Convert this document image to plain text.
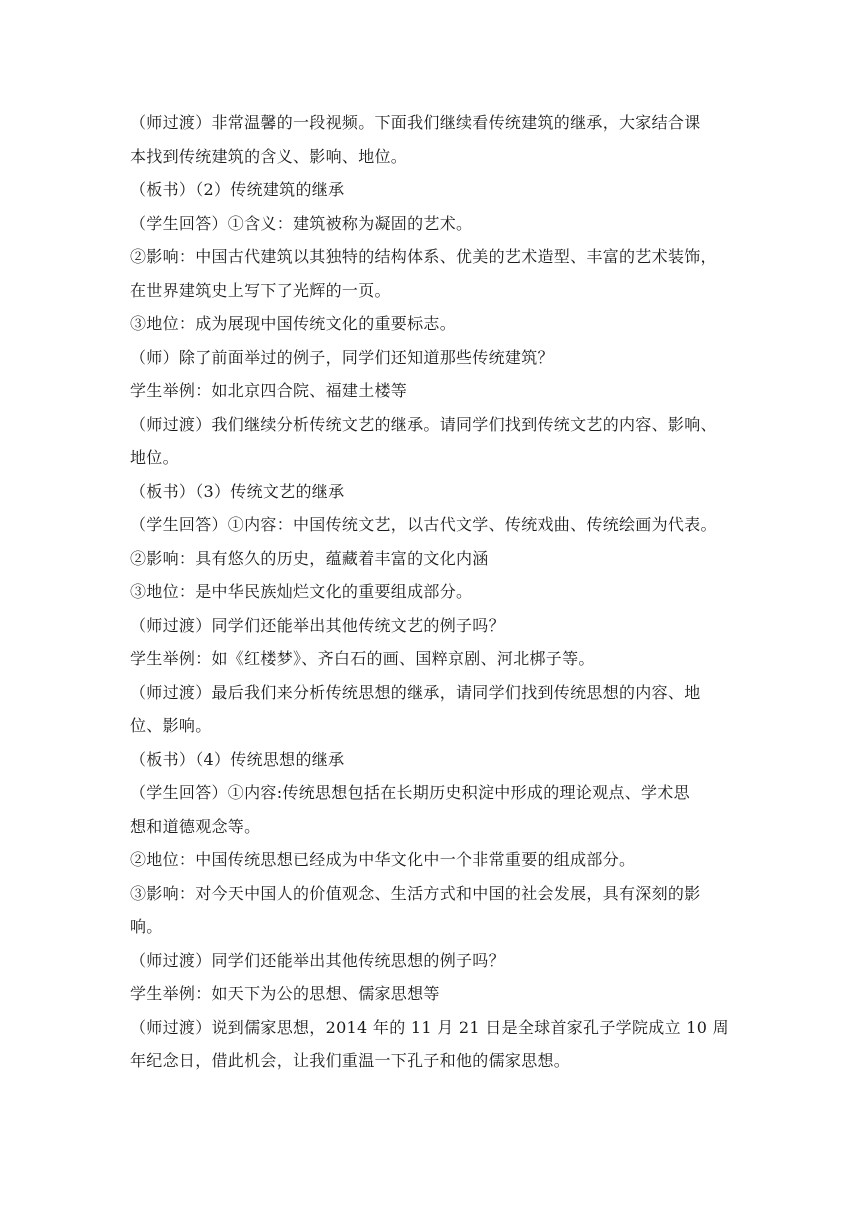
（师过渡）非常温馨的一段视频。下面我们继续看传统建筑的继承，大家结合课

本找到传统建筑的含义、影响、地位。

（板书）（2）传统建筑的继承

（学生回答）①含义：建筑被称为凝固的艺术。

②影响：中国古代建筑以其独特的结构体系、优美的艺术造型、丰富的艺术装饰，

在世界建筑史上写下了光辉的一页。

③地位：成为展现中国传统文化的重要标志。

（师）除了前面举过的例子，同学们还知道那些传统建筑？

学生举例：如北京四合院、福建土楼等

（师过渡）我们继续分析传统文艺的继承。请同学们找到传统文艺的内容、影响、

地位。

（板书）（3）传统文艺的继承

（学生回答）①内容：中国传统文艺，以古代文学、传统戏曲、传统绘画为代表。

②影响：具有悠久的历史，蕴藏着丰富的文化内涵

③地位：是中华民族灿烂文化的重要组成部分。

（师过渡）同学们还能举出其他传统文艺的例子吗？

学生举例：如《红楼梦》、齐白石的画、国粹京剧、河北梆子等。

（师过渡）最后我们来分析传统思想的继承，请同学们找到传统思想的内容、地

位、影响。

（板书）（4）传统思想的继承

（学生回答）①内容:传统思想包括在长期历史积淀中形成的理论观点、学术思

想和道德观念等。

②地位：中国传统思想已经成为中华文化中一个非常重要的组成部分。

③影响：对今天中国人的价值观念、生活方式和中国的社会发展，具有深刻的影

响。

（师过渡）同学们还能举出其他传统思想的例子吗？

学生举例：如天下为公的思想、儒家思想等

（师过渡）说到儒家思想，2014 年的 11 月 21 日是全球首家孔子学院成立 10 周

年纪念日，借此机会，让我们重温一下孔子和他的儒家思想。
